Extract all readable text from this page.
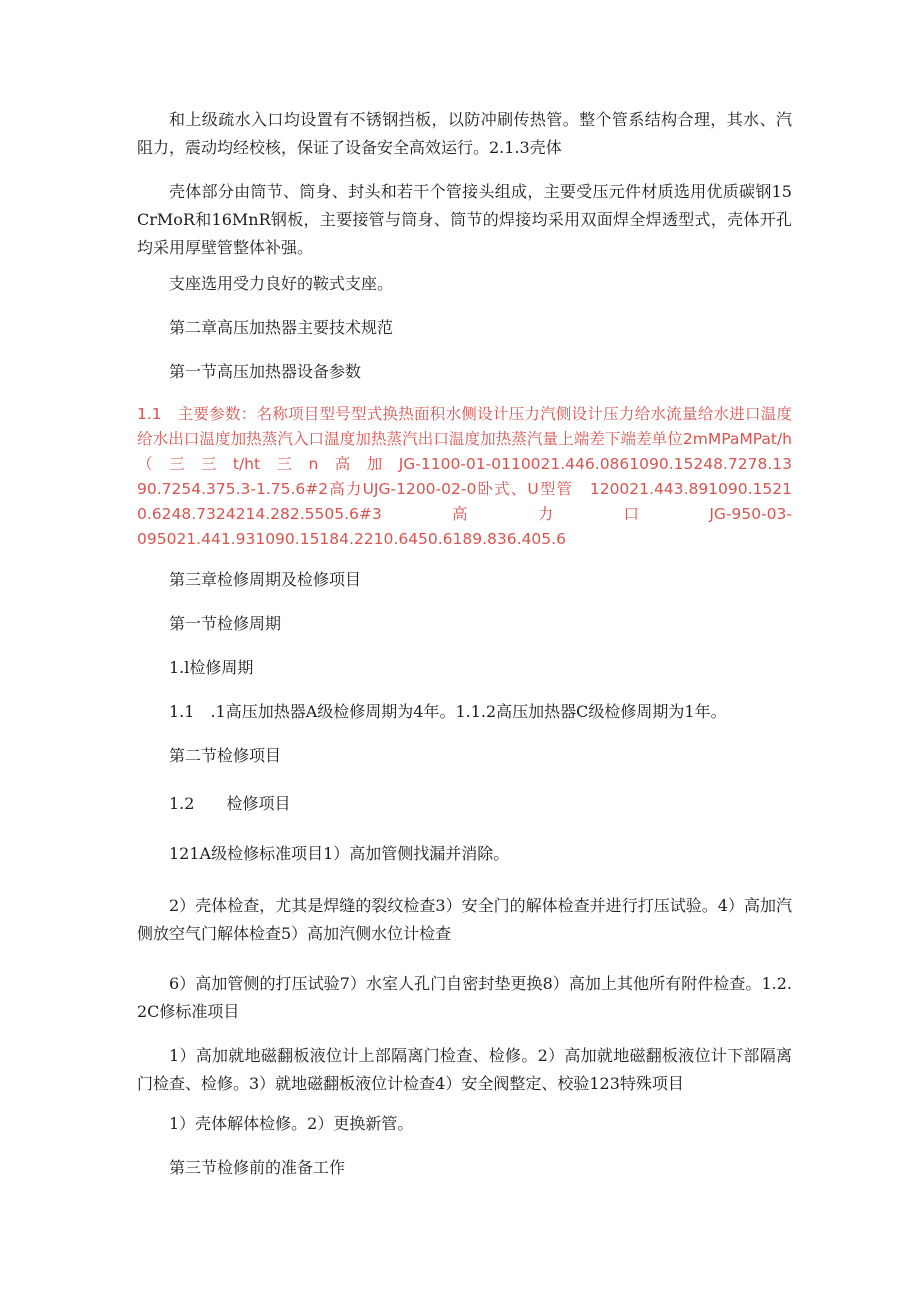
和上级疏水入口均设置有不锈钢挡板，以防冲刷传热管。整个管系结构合理，其水、汽阻力，震动均经校核，保证了设备安全高效运行。2.1.3壳体
壳体部分由筒节、筒身、封头和若干个管接头组成，主要受压元件材质选用优质碳钢15CrMoR和16MnR钢板，主要接管与筒身、筒节的焊接均采用双面焊全焊透型式，壳体开孔均采用厚壁管整体补强。
支座选用受力良好的鞍式支座。
第二章高压加热器主要技术规范
第一节高压加热器设备参数
1.1　主要参数：名称项目型号型式换热面积水侧设计压力汽侧设计压力给水流量给水进口温度给水出口温度加热蒸汽入口温度加热蒸汽出口温度加热蒸汽量上端差下端差单位2mMPaMPat/h　（　三　三　t/ht　三　n　高　加　JG-1100-01-0110021.446.0861090.15248.7278.1390.7254.375.3-1.75.6#2高力UJG-1200-02-0卧式、U型管　120021.443.891090.15210.6248.7324214.282.5505.6#3　高　力　口　JG-950-03-
095021.441.931090.15184.2210.6450.6189.836.405.6
第三章检修周期及检修项目
第一节检修周期
1.l检修周期
1.1　.1高压加热器A级检修周期为4年。1.1.2高压加热器C级检修周期为1年。
第二节检修项目
1.2　　检修项目
121A级检修标准项目1）高加管侧找漏并消除。
2）壳体检查，尤其是焊缝的裂纹检查3）安全门的解体检查并进行打压试验。4）高加汽侧放空气门解体检查5）高加汽侧水位计检查
6）高加管侧的打压试验7）水室人孔门自密封垫更换8）高加上其他所有附件检查。1.2.2C修标准项目
1）高加就地磁翻板液位计上部隔离门检查、检修。2）高加就地磁翻板液位计下部隔离门检查、检修。3）就地磁翻板液位计检查4）安全阀整定、校验123特殊项目
1）壳体解体检修。2）更换新管。
第三节检修前的准备工作
